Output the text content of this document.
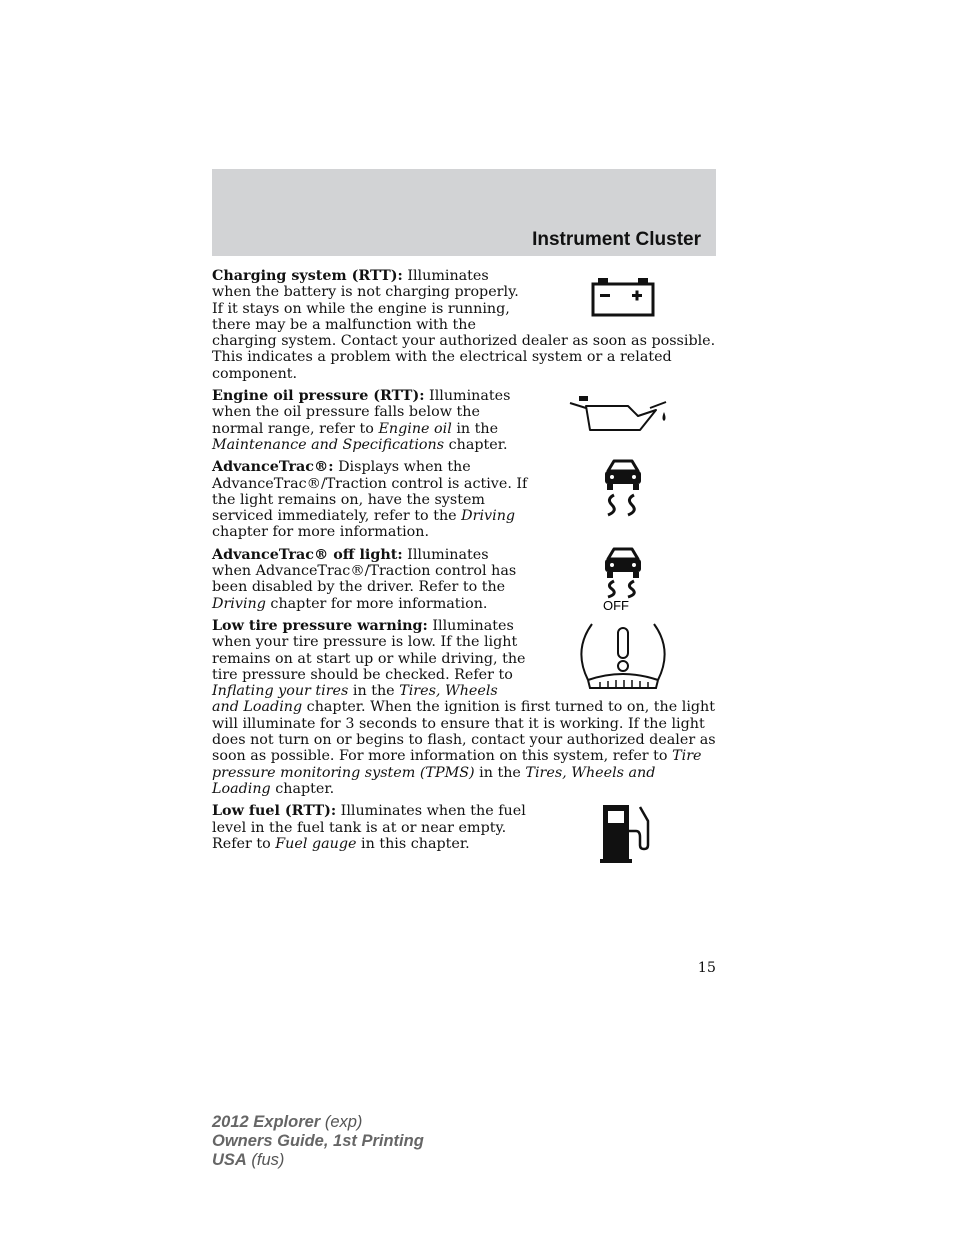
Instrument Cluster

Charging system (RTT): Illuminates when the battery is not charging properly. If it stays on while the engine is running, there may be a malfunction with the charging system. Contact your authorized dealer as soon as possible. This indicates a problem with the electrical system or a related component.

Engine oil pressure (RTT): Illuminates when the oil pressure falls below the normal range, refer to Engine oil in the Maintenance and Specifications chapter.

AdvanceTrac®: Displays when the AdvanceTrac®/Traction control is active. If the light remains on, have the system serviced immediately, refer to the Driving chapter for more information.

OFF

AdvanceTrac® off light: Illuminates when AdvanceTrac®/Traction control has been disabled by the driver. Refer to the Driving chapter for more information.

Low tire pressure warning: Illuminates when your tire pressure is low. If the light remains on at start up or while driving, the tire pressure should be checked. Refer to Inflating your tires in the Tires, Wheels and Loading chapter. When the ignition is first turned to on, the light will illuminate for 3 seconds to ensure that it is working. If the light does not turn on or begins to flash, contact your authorized dealer as soon as possible. For more information on this system, refer to Tire pressure monitoring system (TPMS) in the Tires, Wheels and Loading chapter.

Low fuel (RTT): Illuminates when the fuel level in the fuel tank is at or near empty. Refer to Fuel gauge in this chapter.

15
2012 Explorer (exp)
Owners Guide, 1st Printing
USA (fus)
